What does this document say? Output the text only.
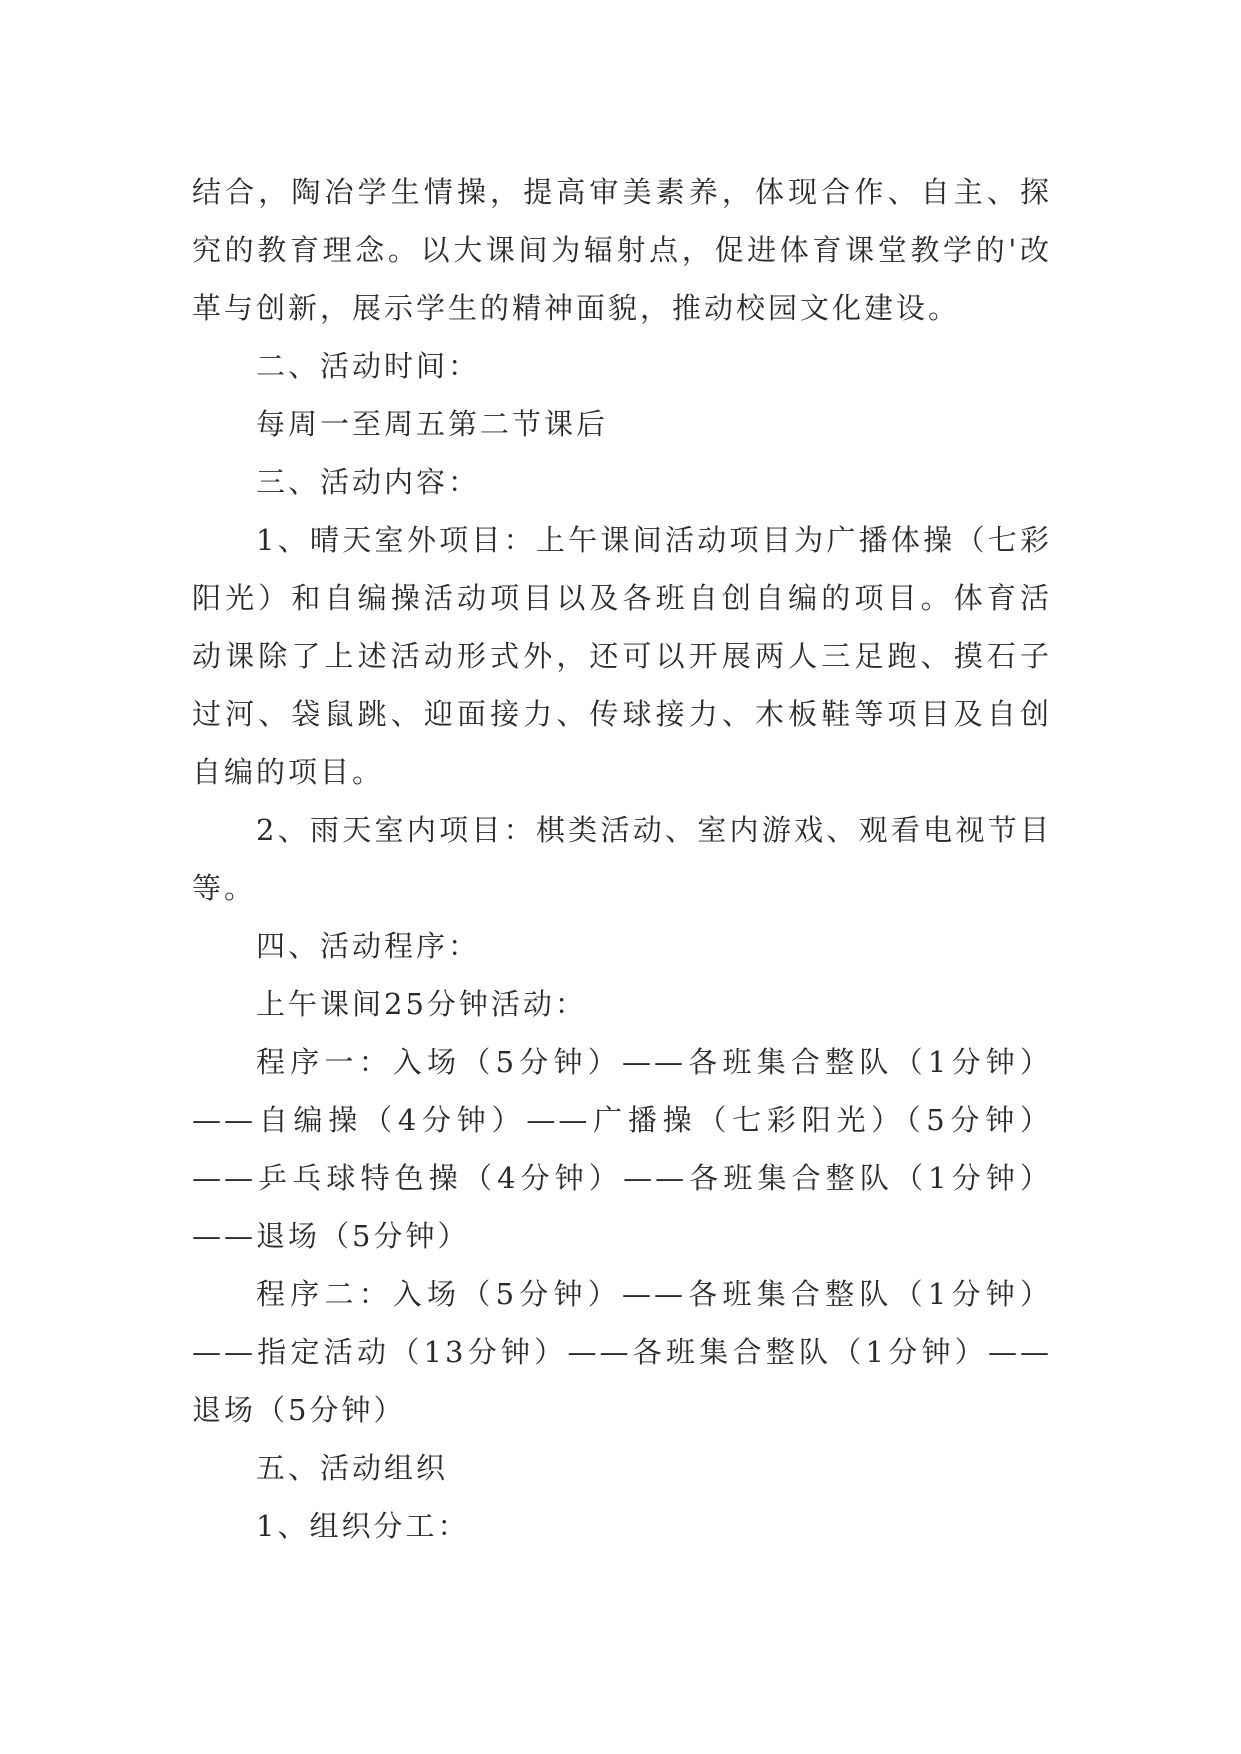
结合，陶冶学生情操，提高审美素养，体现合作、自主、探究的教育理念。以大课间为辐射点，促进体育课堂教学的'改革与创新，展示学生的精神面貌，推动校园文化建设。

二、活动时间：

每周一至周五第二节课后

三、活动内容：

1、晴天室外项目：上午课间活动项目为广播体操（七彩阳光）和自编操活动项目以及各班自创自编的项目。体育活动课除了上述活动形式外，还可以开展两人三足跑、摸石子过河、袋鼠跳、迎面接力、传球接力、木板鞋等项目及自创自编的项目。

2、雨天室内项目：棋类活动、室内游戏、观看电视节目等。

四、活动程序：

上午课间25分钟活动：

程序一：入场（5分钟）——各班集合整队（1分钟）——自编操（4分钟）——广播操（七彩阳光）（5分钟）——乒乓球特色操（4分钟）——各班集合整队（1分钟）——退场（5分钟）

程序二：入场（5分钟）——各班集合整队（1分钟）——指定活动（13分钟）——各班集合整队（1分钟）——退场（5分钟）

五、活动组织

1、组织分工：
